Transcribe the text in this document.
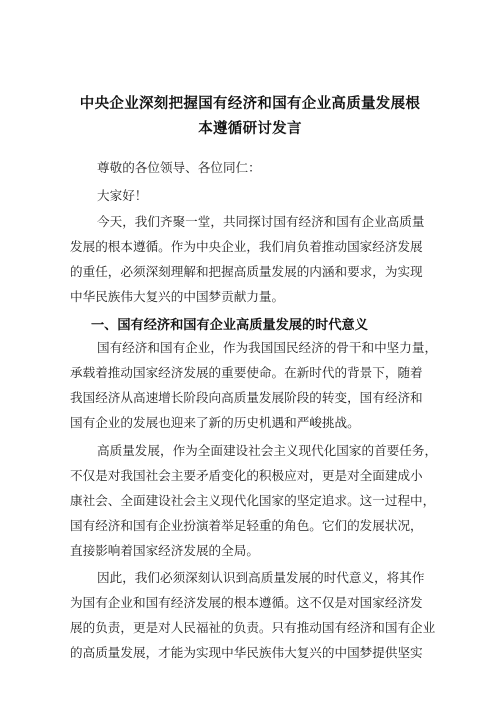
中央企业深刻把握国有经济和国有企业高质量发展根
本遵循研讨发言
尊敬的各位领导、各位同仁：
大家好！
今天，我们齐聚一堂，共同探讨国有经济和国有企业高质量
发展的根本遵循。作为中央企业，我们肩负着推动国家经济发展
的重任，必须深刻理解和把握高质量发展的内涵和要求，为实现
中华民族伟大复兴的中国梦贡献力量。
一、国有经济和国有企业高质量发展的时代意义
国有经济和国有企业，作为我国国民经济的骨干和中坚力量，
承载着推动国家经济发展的重要使命。在新时代的背景下，随着
我国经济从高速增长阶段向高质量发展阶段的转变，国有经济和
国有企业的发展也迎来了新的历史机遇和严峻挑战。
高质量发展，作为全面建设社会主义现代化国家的首要任务，
不仅是对我国社会主要矛盾变化的积极应对，更是对全面建成小
康社会、全面建设社会主义现代化国家的坚定追求。这一过程中，
国有经济和国有企业扮演着举足轻重的角色。它们的发展状况，
直接影响着国家经济发展的全局。
因此，我们必须深刻认识到高质量发展的时代意义，将其作
为国有企业和国有经济发展的根本遵循。这不仅是对国家经济发
展的负责，更是对人民福祉的负责。只有推动国有经济和国有企业
的高质量发展，才能为实现中华民族伟大复兴的中国梦提供坚实
